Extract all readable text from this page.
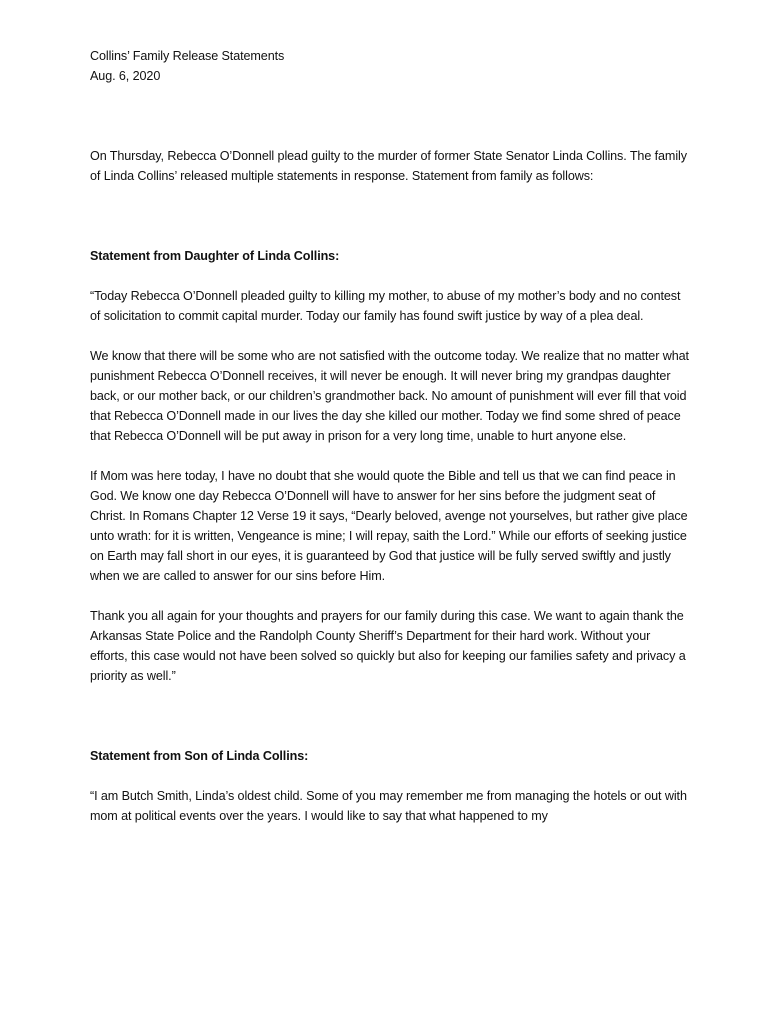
Collins’ Family Release Statements
Aug. 6, 2020

On Thursday, Rebecca O’Donnell plead guilty to the murder of former State Senator Linda Collins. The family of Linda Collins’ released multiple statements in response. Statement from family as follows:

Statement from Daughter of Linda Collins:

“Today Rebecca O’Donnell pleaded guilty to killing my mother, to abuse of my mother’s body and no contest of solicitation to commit capital murder. Today our family has found swift justice by way of a plea deal.

We know that there will be some who are not satisfied with the outcome today. We realize that no matter what punishment Rebecca O’Donnell receives, it will never be enough. It will never bring my grandpas daughter back, or our mother back, or our children’s grandmother back. No amount of punishment will ever fill that void that Rebecca O’Donnell made in our lives the day she killed our mother. Today we find some shred of peace that Rebecca O’Donnell will be put away in prison for a very long time, unable to hurt anyone else.

If Mom was here today, I have no doubt that she would quote the Bible and tell us that we can find peace in God. We know one day Rebecca O’Donnell will have to answer for her sins before the judgment seat of Christ. In Romans Chapter 12 Verse 19 it says, “Dearly beloved, avenge not yourselves, but rather give place unto wrath: for it is written, Vengeance is mine; I will repay, saith the Lord.” While our efforts of seeking justice on Earth may fall short in our eyes, it is guaranteed by God that justice will be fully served swiftly and justly when we are called to answer for our sins before Him.

Thank you all again for your thoughts and prayers for our family during this case. We want to again thank the Arkansas State Police and the Randolph County Sheriff’s Department for their hard work. Without your efforts, this case would not have been solved so quickly but also for keeping our families safety and privacy a priority as well.”

Statement from Son of Linda Collins:

“I am Butch Smith, Linda’s oldest child. Some of you may remember me from managing the hotels or out with mom at political events over the years. I would like to say that what happened to my
